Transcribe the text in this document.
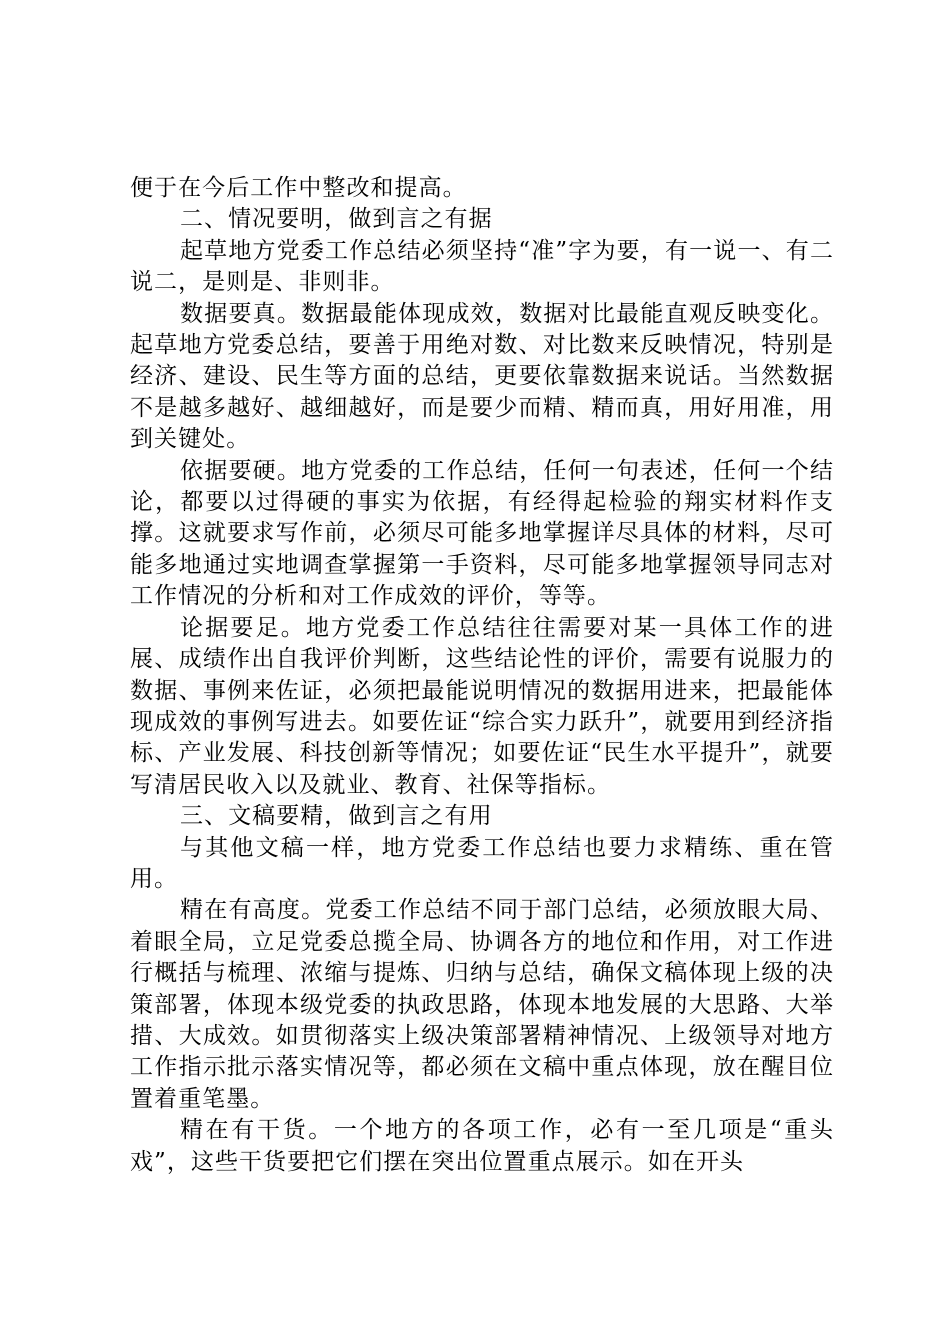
便于在今后工作中整改和提高。

二、情况要明，做到言之有据

起草地方党委工作总结必须坚持“准”字为要，有一说一、有二说二，是则是、非则非。

数据要真。数据最能体现成效，数据对比最能直观反映变化。起草地方党委总结，要善于用绝对数、对比数来反映情况，特别是经济、建设、民生等方面的总结，更要依靠数据来说话。当然数据不是越多越好、越细越好，而是要少而精、精而真，用好用准，用到关键处。

依据要硬。地方党委的工作总结，任何一句表述，任何一个结论，都要以过得硬的事实为依据，有经得起检验的翔实材料作支撑。这就要求写作前，必须尽可能多地掌握详尽具体的材料，尽可能多地通过实地调查掌握第一手资料，尽可能多地掌握领导同志对工作情况的分析和对工作成效的评价，等等。

论据要足。地方党委工作总结往往需要对某一具体工作的进展、成绩作出自我评价判断，这些结论性的评价，需要有说服力的数据、事例来佐证，必须把最能说明情况的数据用进来，把最能体现成效的事例写进去。如要佐证“综合实力跃升”，就要用到经济指标、产业发展、科技创新等情况；如要佐证“民生水平提升”，就要写清居民收入以及就业、教育、社保等指标。

三、文稿要精，做到言之有用

与其他文稿一样，地方党委工作总结也要力求精练、重在管用。

精在有高度。党委工作总结不同于部门总结，必须放眼大局、着眼全局，立足党委总揽全局、协调各方的地位和作用，对工作进行概括与梳理、浓缩与提炼、归纳与总结，确保文稿体现上级的决策部署，体现本级党委的执政思路，体现本地发展的大思路、大举措、大成效。如贯彻落实上级决策部署精神情况、上级领导对地方工作指示批示落实情况等，都必须在文稿中重点体现，放在醒目位置着重笔墨。

精在有干货。一个地方的各项工作，必有一至几项是“重头戏”，这些干货要把它们摆在突出位置重点展示。如在开头
